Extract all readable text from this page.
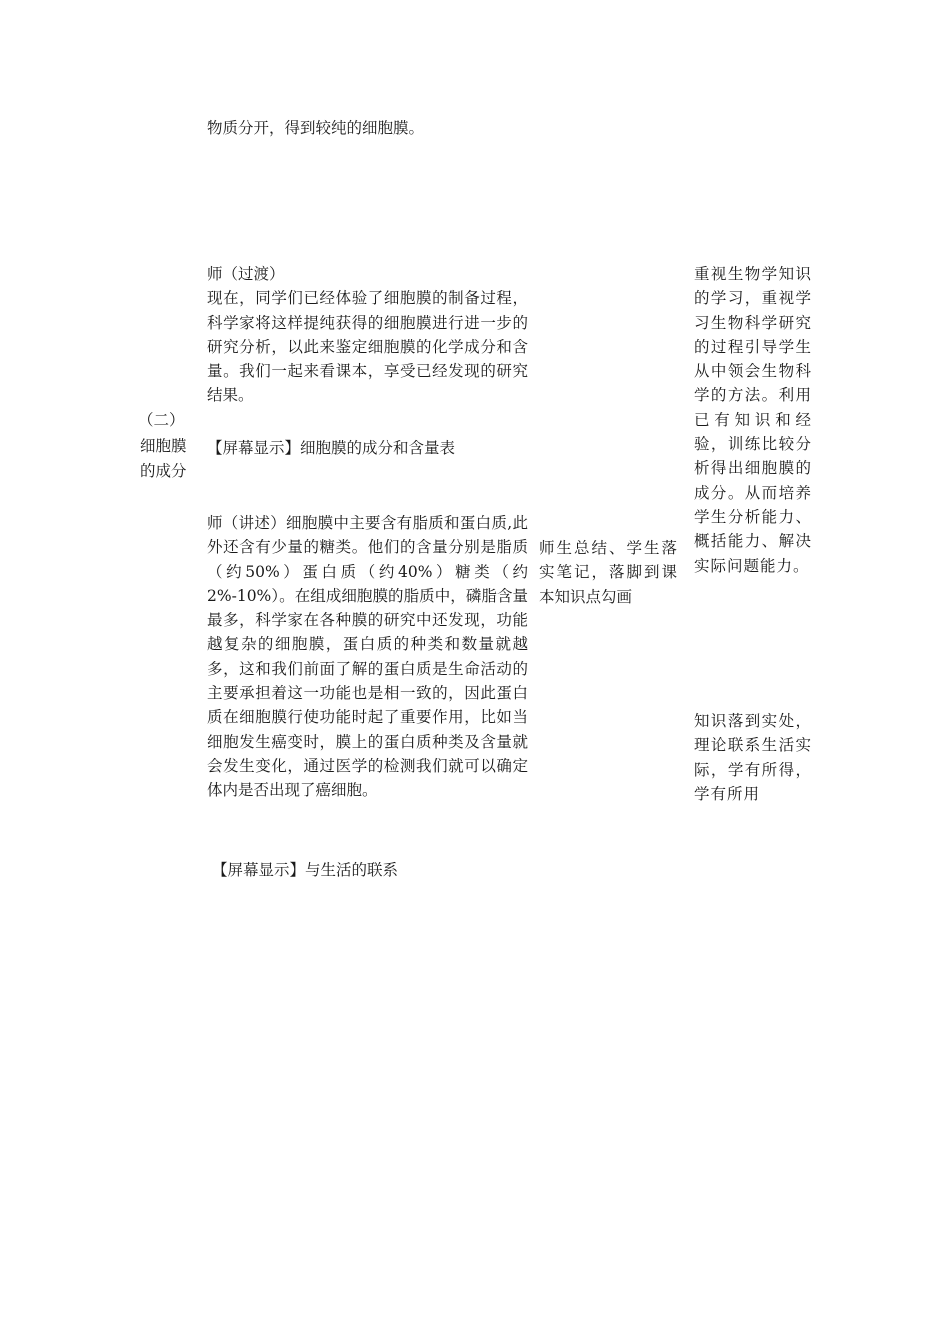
物质分开，得到较纯的细胞膜。

（二）

细胞膜的成分

师（过渡）

现在，同学们已经体验了细胞膜的制备过程，科学家将这样提纯获得的细胞膜进行进一步的研究分析，以此来鉴定细胞膜的化学成分和含量。我们一起来看课本，享受已经发现的研究结果。

【屏幕显示】细胞膜的成分和含量表

师（讲述）细胞膜中主要含有脂质和蛋白质,此外还含有少量的糖类。他们的含量分别是脂质（约50%）蛋白质（约40%）糖类（约2%-10%）。在组成细胞膜的脂质中，磷脂含量最多，科学家在各种膜的研究中还发现，功能越复杂的细胞膜，蛋白质的种类和数量就越多，这和我们前面了解的蛋白质是生命活动的主要承担着这一功能也是相一致的，因此蛋白质在细胞膜行使功能时起了重要作用，比如当细胞发生癌变时，膜上的蛋白质种类及含量就会发生变化，通过医学的检测我们就可以确定体内是否出现了癌细胞。

【屏幕显示】与生活的联系

师生总结、学生落实笔记，落脚到课本知识点勾画

重视生物学知识的学习，重视学习生物科学研究的过程引导学生从中领会生物科学的方法。利用已有知识和经验，训练比较分析得出细胞膜的成分。从而培养学生分析能力、概括能力、解决实际问题能力。

知识落到实处，理论联系生活实际，学有所得，学有所用
